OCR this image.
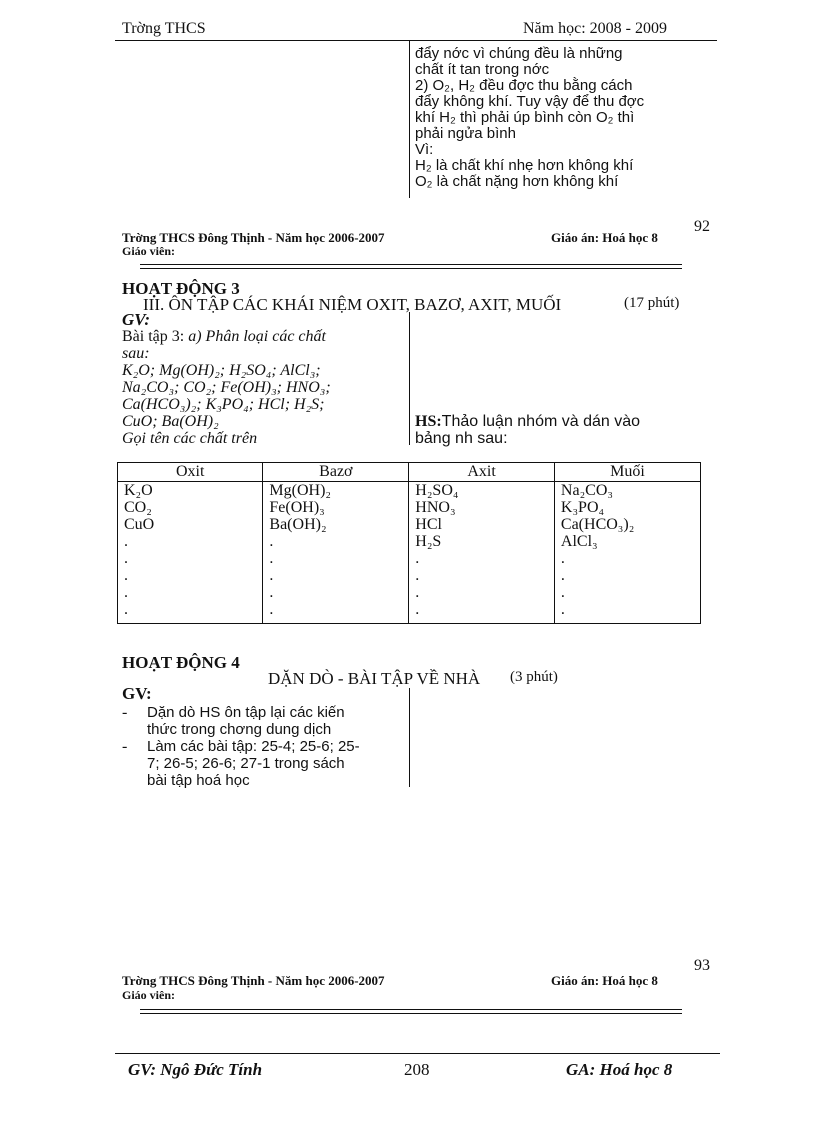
Trờng THCS	Năm học: 2008 - 2009
đẩy nớc vì chúng đều là những
chất ít tan trong nớc
2) O₂, H₂ đều đợc thu bằng cách
đẩy không khí. Tuy vậy để thu đợc
khí H₂ thì phải úp bình còn O₂ thì
phải ngửa bình
Vì:
H₂ là chất khí nhẹ hơn không khí
O₂ là chất nặng hơn không khí
92
Trờng THCS Đông Thịnh - Năm học 2006-2007	Giáo án: Hoá học 8
Giáo viên:
HOẠT ĐỘNG 3
III. ÔN TẬP CÁC KHÁI NIỆM OXIT, BAZƠ, AXIT, MUỐI	(17 phút)
GV:
Bài tập 3: a) Phân loại các chất
sau:
K₂O; Mg(OH)₂; H₂SO₄; AlCl₃;
Na₂CO₃; CO₂; Fe(OH)₃; HNO₃;
Ca(HCO₃)₂; K₃PO₄; HCl; H₂S;
CuO; Ba(OH)₂
Gọi tên các chất trên
HS:Thảo luận nhóm và dán vào
bảng nh sau:
Oxit	Bazơ	Axit	Muối
K₂O	Mg(OH)₂	H₂SO₄	Na₂CO₃
CO₂	Fe(OH)₃	HNO₃	K₃PO₄
CuO	Ba(OH)₂	HCl	Ca(HCO₃)₂
.	.	H₂S	AlCl₃
.	.	.	.
.	.	.	.
.	.	.	.
.	.	.	.
HOẠT ĐỘNG 4
DẶN DÒ - BÀI TẬP VỀ NHÀ (3 phút)
GV:
- Dặn dò HS ôn tập lại các kiến
thức trong chơng dung dịch
- Làm các bài tập: 25-4; 25-6; 25-
7; 26-5; 26-6; 27-1 trong sách
bài tập hoá học
93
Trờng THCS Đông Thịnh - Năm học 2006-2007	Giáo án: Hoá học 8
Giáo viên:
GV: Ngô Đức Tính	208	GA: Hoá học 8
